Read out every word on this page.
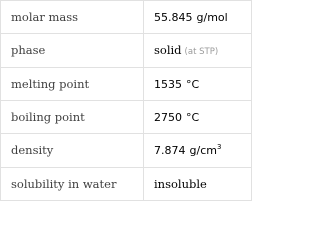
molar mass	55.845 g/mol
phase	solid (at STP)
melting point	1535 °C
boiling point	2750 °C
density	7.874 $g/cm^3$
solubility in water	insoluble
